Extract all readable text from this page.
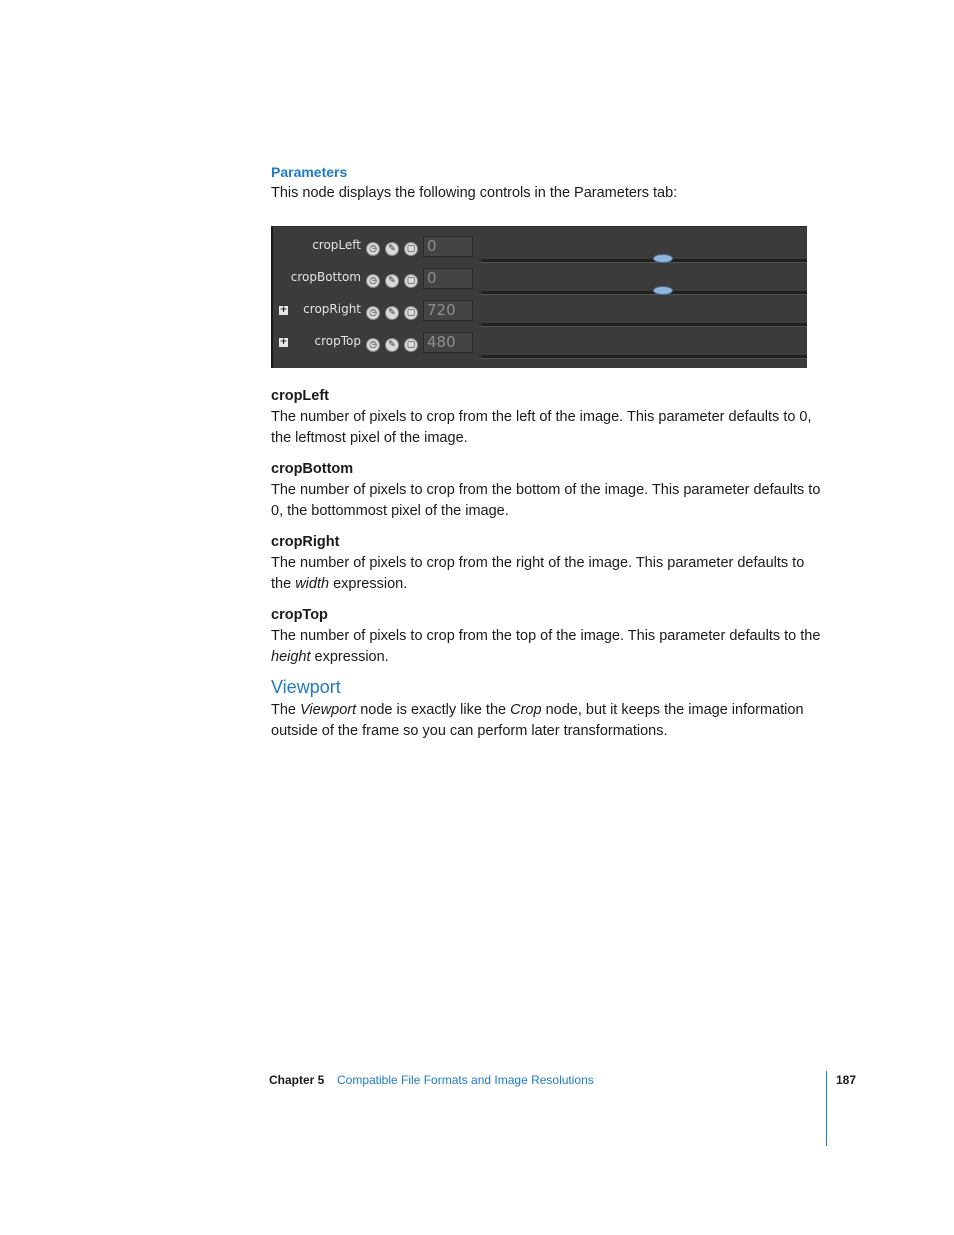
Parameters
This node displays the following controls in the Parameters tab:
cropLeft ◷	✎	▢ 0
cropBottom ◷	✎	▢ 0
+ cropRight ◷	✎	▢ 720
+ cropTop ◷	✎	▢ 480
cropLeft
The number of pixels to crop from the left of the image. This parameter defaults to 0, the leftmost pixel of the image.
cropBottom
The number of pixels to crop from the bottom of the image. This parameter defaults to 0, the bottommost pixel of the image.
cropRight
The number of pixels to crop from the right of the image. This parameter defaults to the width expression.
cropTop
The number of pixels to crop from the top of the image. This parameter defaults to the height expression.
Viewport
The Viewport node is exactly like the Crop node, but it keeps the image information outside of the frame so you can perform later transformations.
Chapter 5 Compatible File Formats and Image Resolutions	187
